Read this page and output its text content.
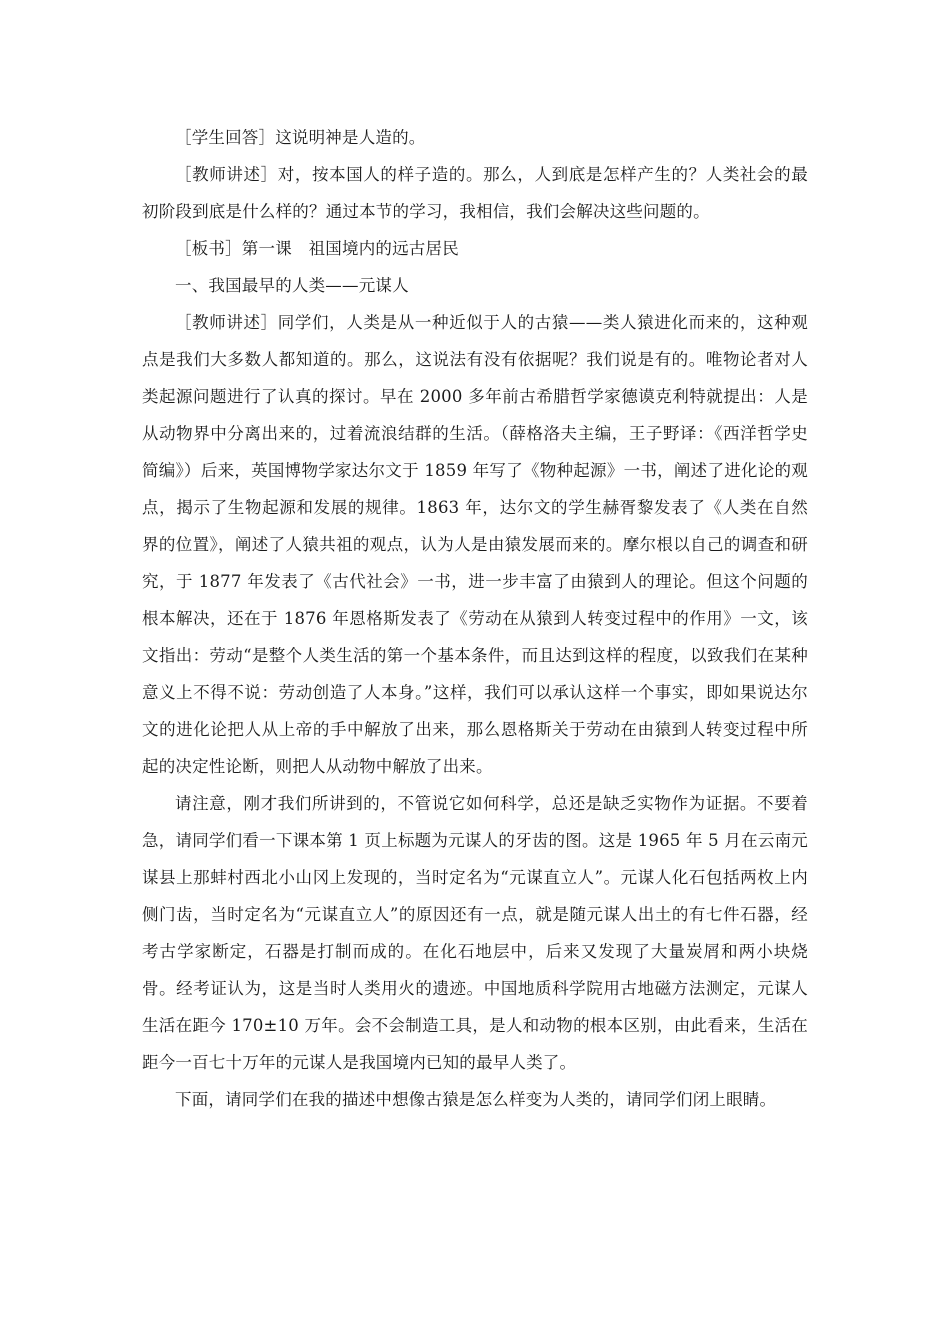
［学生回答］这说明神是人造的。

［教师讲述］对，按本国人的样子造的。那么，人到底是怎样产生的？人类社会的最初阶段到底是什么样的？通过本节的学习，我相信，我们会解决这些问题的。

［板书］第一课　祖国境内的远古居民

一、我国最早的人类——元谋人

［教师讲述］同学们，人类是从一种近似于人的古猿——类人猿进化而来的，这种观点是我们大多数人都知道的。那么，这说法有没有依据呢？我们说是有的。唯物论者对人类起源问题进行了认真的探讨。早在 2000 多年前古希腊哲学家德谟克利特就提出：人是从动物界中分离出来的，过着流浪结群的生活。（薛格洛夫主编，王子野译：《西洋哲学史简编》）后来，英国博物学家达尔文于 1859 年写了《物种起源》一书，阐述了进化论的观点，揭示了生物起源和发展的规律。1863 年，达尔文的学生赫胥黎发表了《人类在自然界的位置》，阐述了人猿共祖的观点，认为人是由猿发展而来的。摩尔根以自己的调查和研究，于 1877 年发表了《古代社会》一书，进一步丰富了由猿到人的理论。但这个问题的根本解决，还在于 1876 年恩格斯发表了《劳动在从猿到人转变过程中的作用》一文，该文指出：劳动“是整个人类生活的第一个基本条件，而且达到这样的程度，以致我们在某种意义上不得不说：劳动创造了人本身。”这样，我们可以承认这样一个事实，即如果说达尔文的进化论把人从上帝的手中解放了出来，那么恩格斯关于劳动在由猿到人转变过程中所起的决定性论断，则把人从动物中解放了出来。

请注意，刚才我们所讲到的，不管说它如何科学，总还是缺乏实物作为证据。不要着急，请同学们看一下课本第 1 页上标题为元谋人的牙齿的图。这是 1965 年 5 月在云南元谋县上那蚌村西北小山冈上发现的，当时定名为“元谋直立人”。元谋人化石包括两枚上内侧门齿，当时定名为“元谋直立人”的原因还有一点，就是随元谋人出土的有七件石器，经考古学家断定，石器是打制而成的。在化石地层中，后来又发现了大量炭屑和两小块烧骨。经考证认为，这是当时人类用火的遗迹。中国地质科学院用古地磁方法测定，元谋人生活在距今 170±10 万年。会不会制造工具，是人和动物的根本区别，由此看来，生活在距今一百七十万年的元谋人是我国境内已知的最早人类了。

下面，请同学们在我的描述中想像古猿是怎么样变为人类的，请同学们闭上眼睛。
